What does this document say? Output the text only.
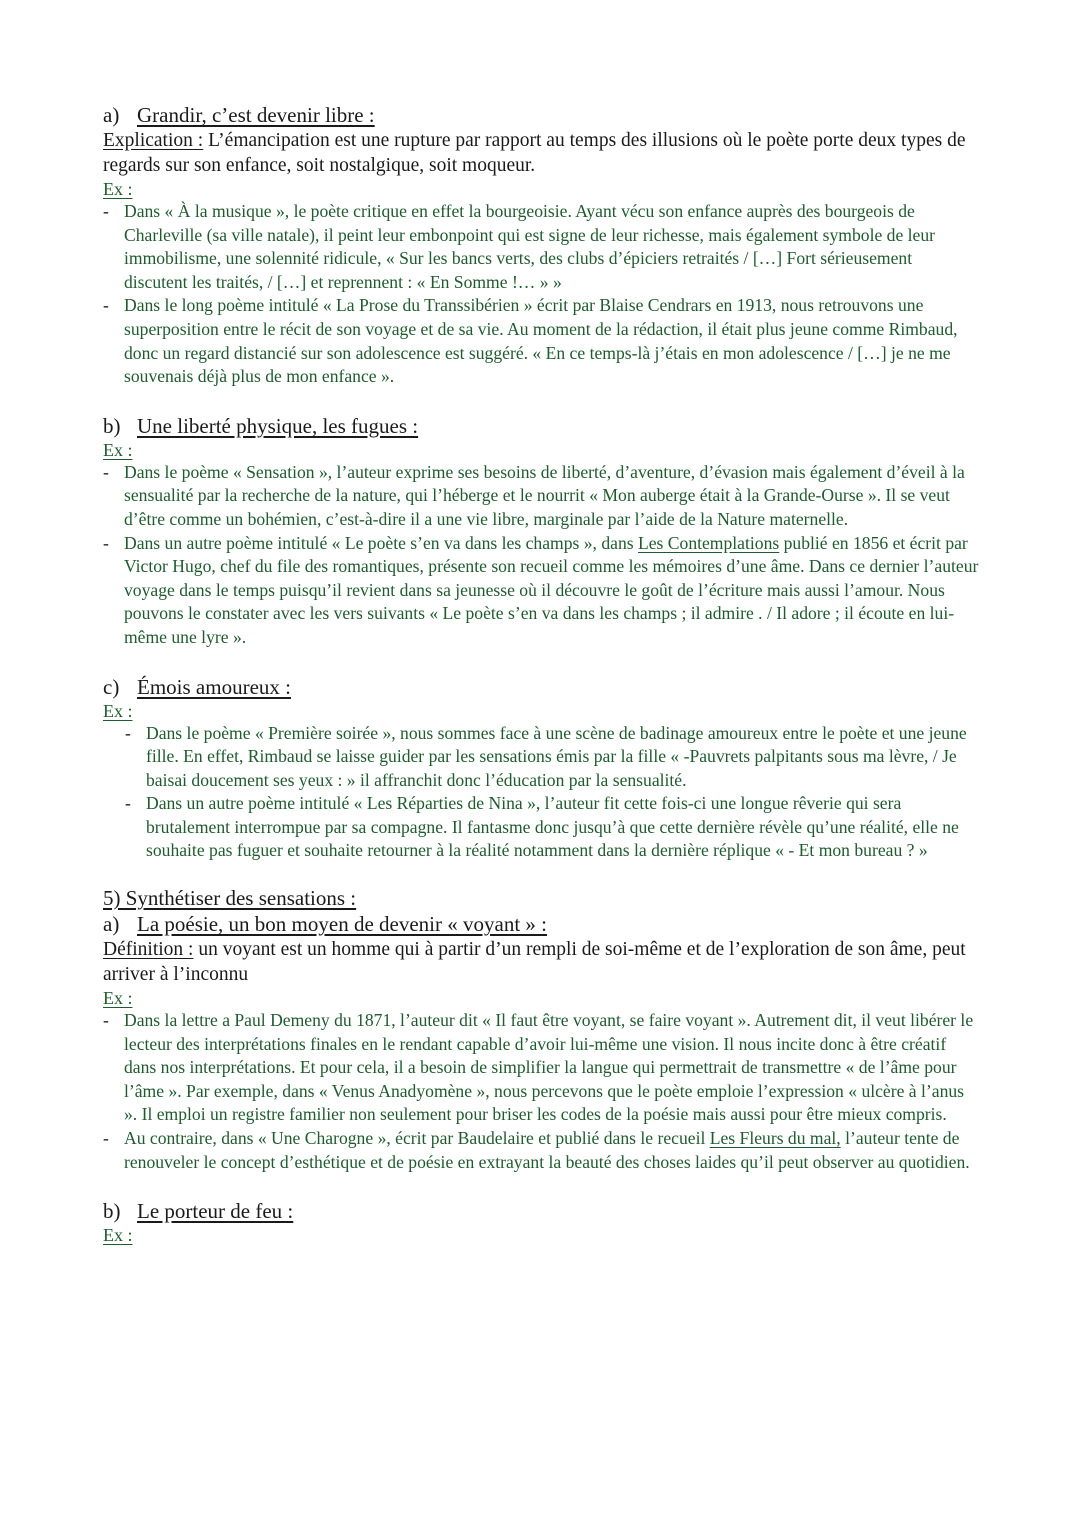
a) Grandir, c’est devenir libre :
Explication : L’émancipation est une rupture par rapport au temps des illusions où le poète porte deux types de regards sur son enfance, soit nostalgique, soit moqueur.
Ex :
- Dans « À la musique », le poète critique en effet la bourgeoisie. Ayant vécu son enfance auprès des bourgeois de Charleville (sa ville natale), il peint leur embonpoint qui est signe de leur richesse, mais également symbole de leur immobilisme, une solennité ridicule, « Sur les bancs verts, des clubs d’épiciers retraités / […] Fort sérieusement discutent les traités, / […] et reprennent : « En Somme !… » »
- Dans le long poème intitulé « La Prose du Transsibérien » écrit par Blaise Cendrars en 1913, nous retrouvons une superposition entre le récit de son voyage et de sa vie. Au moment de la rédaction, il était plus jeune comme Rimbaud, donc un regard distancié sur son adolescence est suggéré. « En ce temps-là j’étais en mon adolescence / […] je ne me souvenais déjà plus de mon enfance ».
b) Une liberté physique, les fugues :
Ex :
- Dans le poème « Sensation », l’auteur exprime ses besoins de liberté, d’aventure, d’évasion mais également d’éveil à la sensualité par la recherche de la nature, qui l’héberge et le nourrit « Mon auberge était à la Grande-Ourse ». Il se veut d’être comme un bohémien, c’est-à-dire il a une vie libre, marginale par l’aide de la Nature maternelle.
- Dans un autre poème intitulé « Le poète s’en va dans les champs », dans Les Contemplations publié en 1856 et écrit par Victor Hugo, chef du file des romantiques, présente son recueil comme les mémoires d’une âme. Dans ce dernier l’auteur voyage dans le temps puisqu’il revient dans sa jeunesse où il découvre le goût de l’écriture mais aussi l’amour. Nous pouvons le constater avec les vers suivants « Le poète s’en va dans les champs ; il admire . / Il adore ; il écoute en lui-même une lyre ».
c) Émois amoureux :
Ex :
- Dans le poème « Première soirée », nous sommes face à une scène de badinage amoureux entre le poète et une jeune fille. En effet, Rimbaud se laisse guider par les sensations émis par la fille « -Pauvrets palpitants sous ma lèvre, / Je baisai doucement ses yeux : » il affranchit donc l’éducation par la sensualité.
- Dans un autre poème intitulé « Les Réparties de Nina », l’auteur fit cette fois-ci une longue rêverie qui sera brutalement interrompue par sa compagne. Il fantasme donc jusqu’à que cette dernière révèle qu’une réalité, elle ne souhaite pas fuguer et souhaite retourner à la réalité notamment dans la dernière réplique « - Et mon bureau ? »
5) Synthétiser des sensations :
a) La poésie, un bon moyen de devenir « voyant » :
Définition : un voyant est un homme qui à partir d’un rempli de soi-même et de l’exploration de son âme, peut arriver à l’inconnu
Ex :
- Dans la lettre a Paul Demeny du 1871, l’auteur dit « Il faut être voyant, se faire voyant ». Autrement dit, il veut libérer le lecteur des interprétations finales en le rendant capable d’avoir lui-même une vision. Il nous incite donc à être créatif dans nos interprétations. Et pour cela, il a besoin de simplifier la langue qui permettrait de transmettre « de l’âme pour l’âme ». Par exemple, dans « Venus Anadyomène », nous percevons que le poète emploie l’expression « ulcère à l’anus ». Il emploi un registre familier non seulement pour briser les codes de la poésie mais aussi pour être mieux compris.
- Au contraire, dans « Une Charogne », écrit par Baudelaire et publié dans le recueil Les Fleurs du mal, l’auteur tente de renouveler le concept d’esthétique et de poésie en extrayant la beauté des choses laides qu’il peut observer au quotidien.
b) Le porteur de feu :
Ex :
